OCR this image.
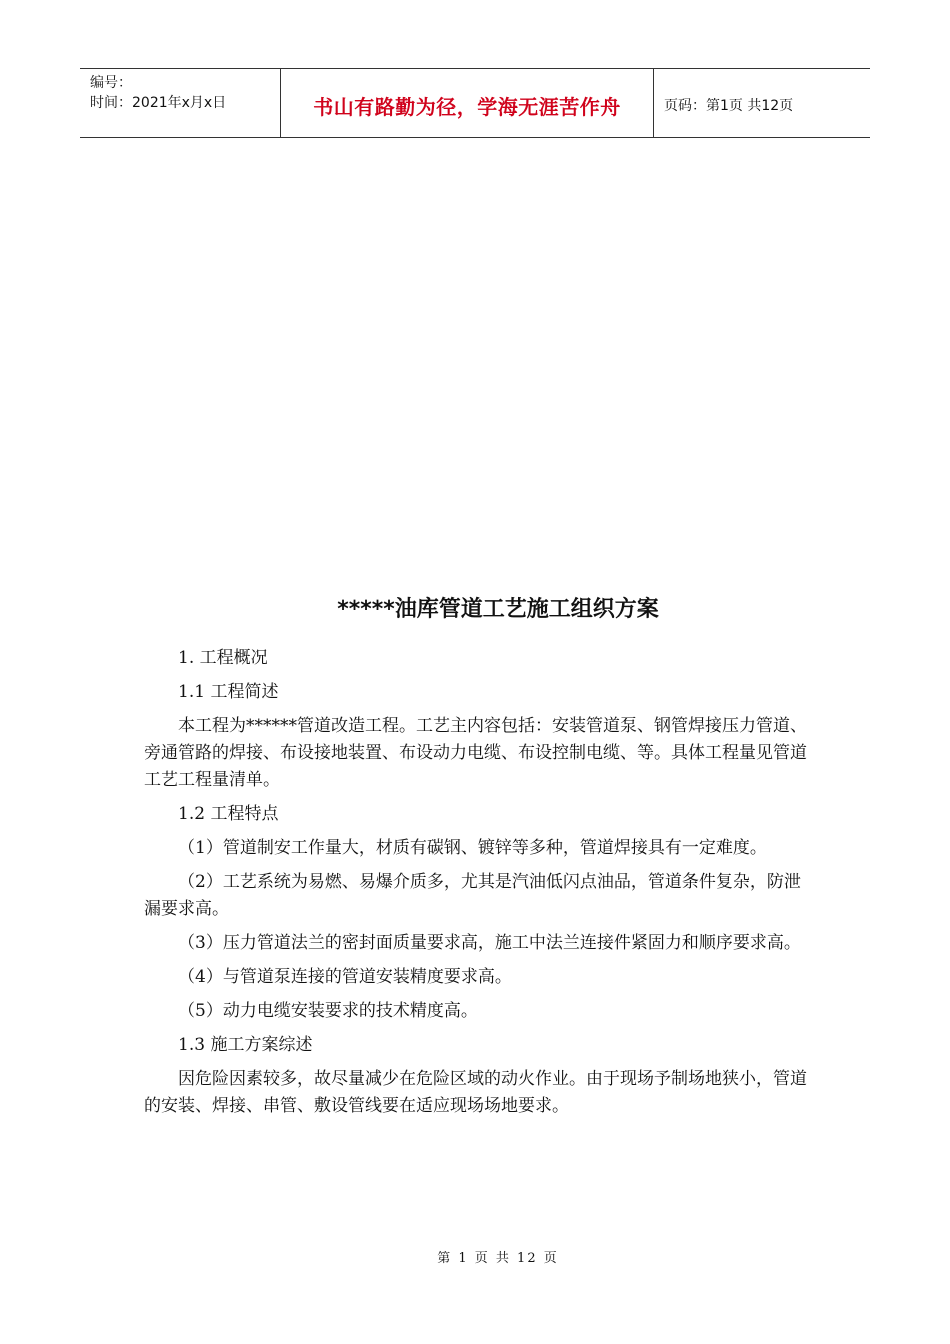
编号：
时间：2021年x月x日	书山有路勤为径，学海无涯苦作舟	页码：第1页 共12页
*****油库管道工艺施工组织方案

1. 工程概况

1.1 工程简述

本工程为******管道改造工程。工艺主内容包括：安装管道泵、钢管焊接压力管道、旁通管路的焊接、布设接地装置、布设动力电缆、布设控制电缆、等。具体工程量见管道工艺工程量清单。

1.2 工程特点

（1）管道制安工作量大，材质有碳钢、镀锌等多种，管道焊接具有一定难度。

（2）工艺系统为易燃、易爆介质多，尤其是汽油低闪点油品，管道条件复杂，防泄漏要求高。

（3）压力管道法兰的密封面质量要求高，施工中法兰连接件紧固力和顺序要求高。

（4）与管道泵连接的管道安装精度要求高。

（5）动力电缆安装要求的技术精度高。

1.3 施工方案综述

因危险因素较多，故尽量减少在危险区域的动火作业。由于现场予制场地狭小，管道的安装、焊接、串管、敷设管线要在适应现场场地要求。

第 1 页 共 12 页
